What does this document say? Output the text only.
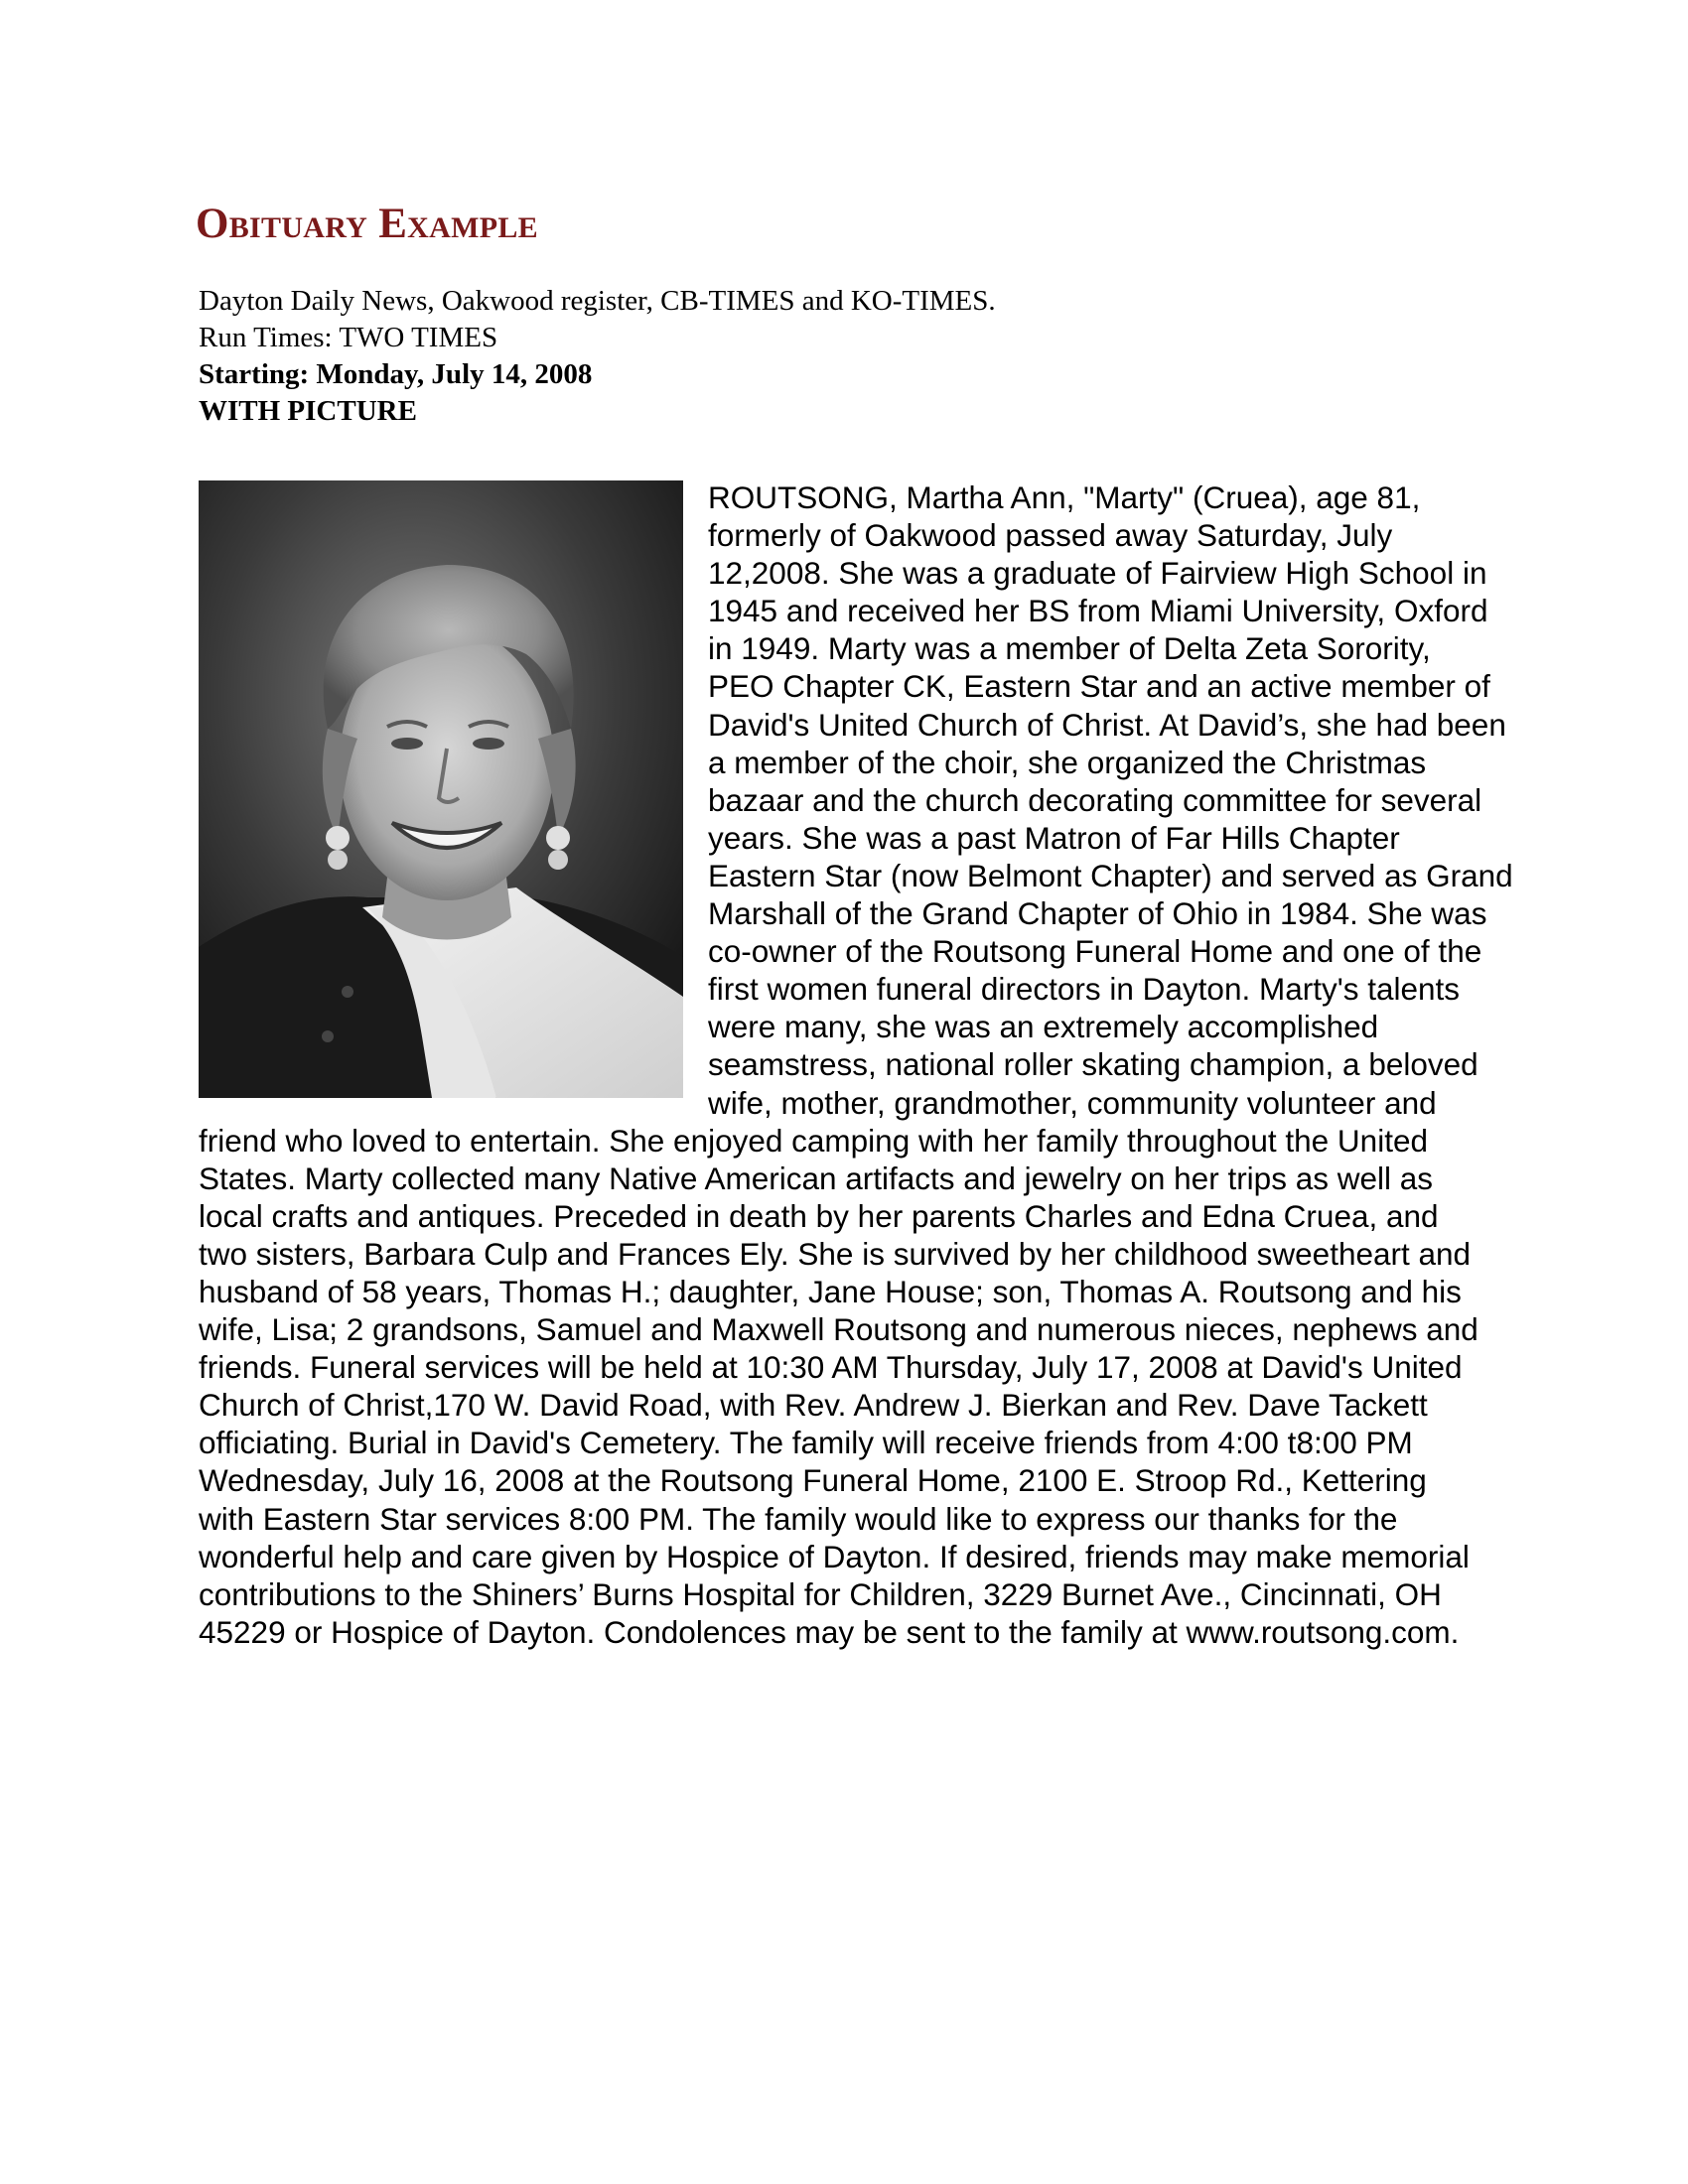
Obituary Example
Dayton Daily News, Oakwood register, CB-TIMES and KO-TIMES.
Run Times: TWO TIMES
Starting: Monday, July 14, 2008
WITH PICTURE
ROUTSONG, Martha Ann, "Marty" (Cruea), age 81,
formerly of Oakwood passed away Saturday, July
12,2008. She was a graduate of Fairview High School in
1945 and received her BS from Miami University, Oxford
in 1949. Marty was a member of Delta Zeta Sorority,
PEO Chapter CK, Eastern Star and an active member of
David's United Church of Christ. At David’s, she had been
a member of the choir, she organized the Christmas
bazaar and the church decorating committee for several
years. She was a past Matron of Far Hills Chapter
Eastern Star (now Belmont Chapter) and served as Grand
Marshall of the Grand Chapter of Ohio in 1984. She was
co-owner of the Routsong Funeral Home and one of the
first women funeral directors in Dayton. Marty's talents
were many, she was an extremely accomplished
seamstress, national roller skating champion, a beloved
wife, mother, grandmother, community volunteer and
friend who loved to entertain. She enjoyed camping with her family throughout the United
States. Marty collected many Native American artifacts and jewelry on her trips as well as
local crafts and antiques. Preceded in death by her parents Charles and Edna Cruea, and
two sisters, Barbara Culp and Frances Ely. She is survived by her childhood sweetheart and
husband of 58 years, Thomas H.; daughter, Jane House; son, Thomas A. Routsong and his
wife, Lisa; 2 grandsons, Samuel and Maxwell Routsong and numerous nieces, nephews and
friends. Funeral services will be held at 10:30 AM Thursday, July 17, 2008 at David's United
Church of Christ,170 W. David Road, with Rev. Andrew J. Bierkan and Rev. Dave Tackett
officiating. Burial in David's Cemetery. The family will receive friends from 4:00 t8:00 PM
Wednesday, July 16, 2008 at the Routsong Funeral Home, 2100 E. Stroop Rd., Kettering
with Eastern Star services 8:00 PM. The family would like to express our thanks for the
wonderful help and care given by Hospice of Dayton. If desired, friends may make memorial
contributions to the Shiners’ Burns Hospital for Children, 3229 Burnet Ave., Cincinnati, OH
45229 or Hospice of Dayton. Condolences may be sent to the family at www.routsong.com.
